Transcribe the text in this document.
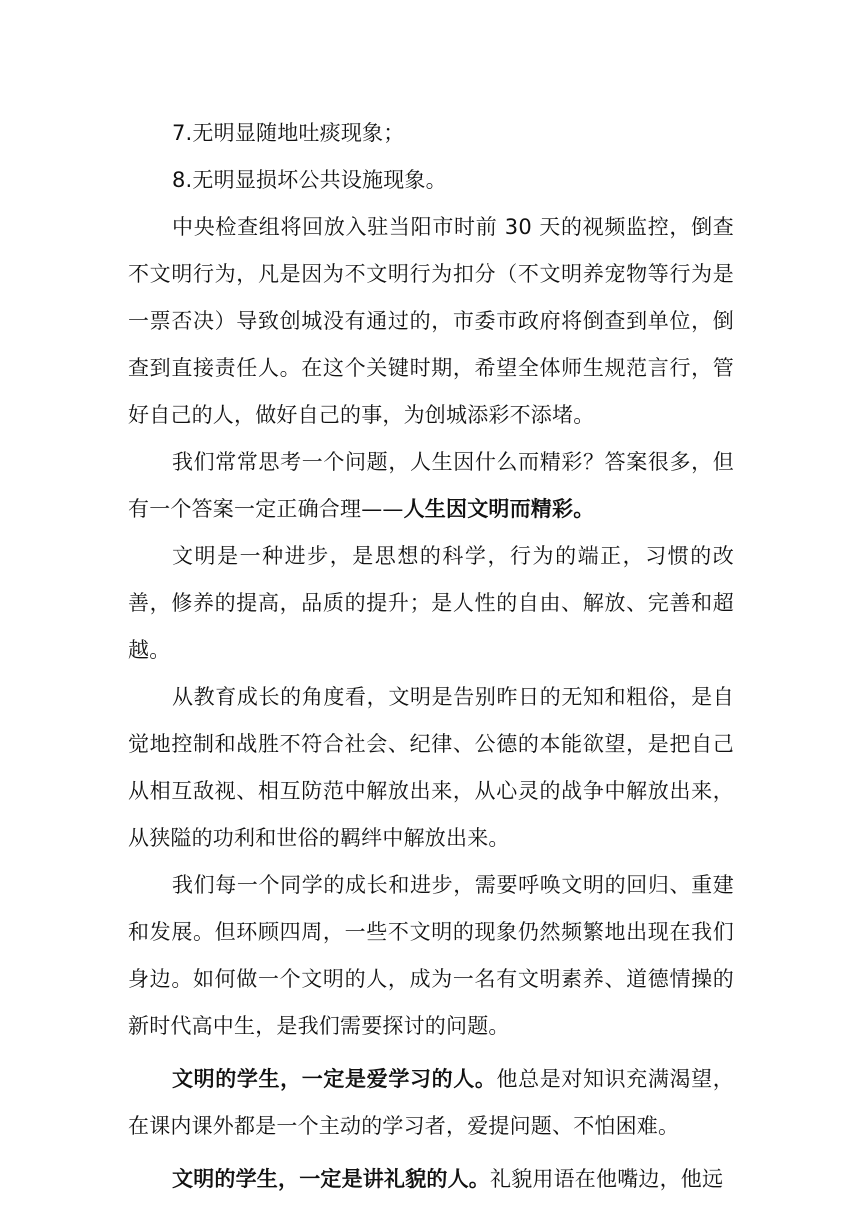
7.无明显随地吐痰现象；

8.无明显损坏公共设施现象。

中央检查组将回放入驻当阳市时前 30 天的视频监控，倒查不文明行为，凡是因为不文明行为扣分（不文明养宠物等行为是一票否决）导致创城没有通过的，市委市政府将倒查到单位，倒查到直接责任人。在这个关键时期，希望全体师生规范言行，管好自己的人，做好自己的事，为创城添彩不添堵。

我们常常思考一个问题，人生因什么而精彩？答案很多，但有一个答案一定正确合理——人生因文明而精彩。

文明是一种进步，是思想的科学，行为的端正，习惯的改善，修养的提高，品质的提升；是人性的自由、解放、完善和超越。

从教育成长的角度看，文明是告别昨日的无知和粗俗，是自觉地控制和战胜不符合社会、纪律、公德的本能欲望，是把自己从相互敌视、相互防范中解放出来，从心灵的战争中解放出来，从狭隘的功利和世俗的羁绊中解放出来。

我们每一个同学的成长和进步，需要呼唤文明的回归、重建和发展。但环顾四周，一些不文明的现象仍然频繁地出现在我们身边。如何做一个文明的人，成为一名有文明素养、道德情操的新时代高中生，是我们需要探讨的问题。

文明的学生，一定是爱学习的人。他总是对知识充满渴望，在课内课外都是一个主动的学习者，爱提问题、不怕困难。

文明的学生，一定是讲礼貌的人。礼貌用语在他嘴边，他远
